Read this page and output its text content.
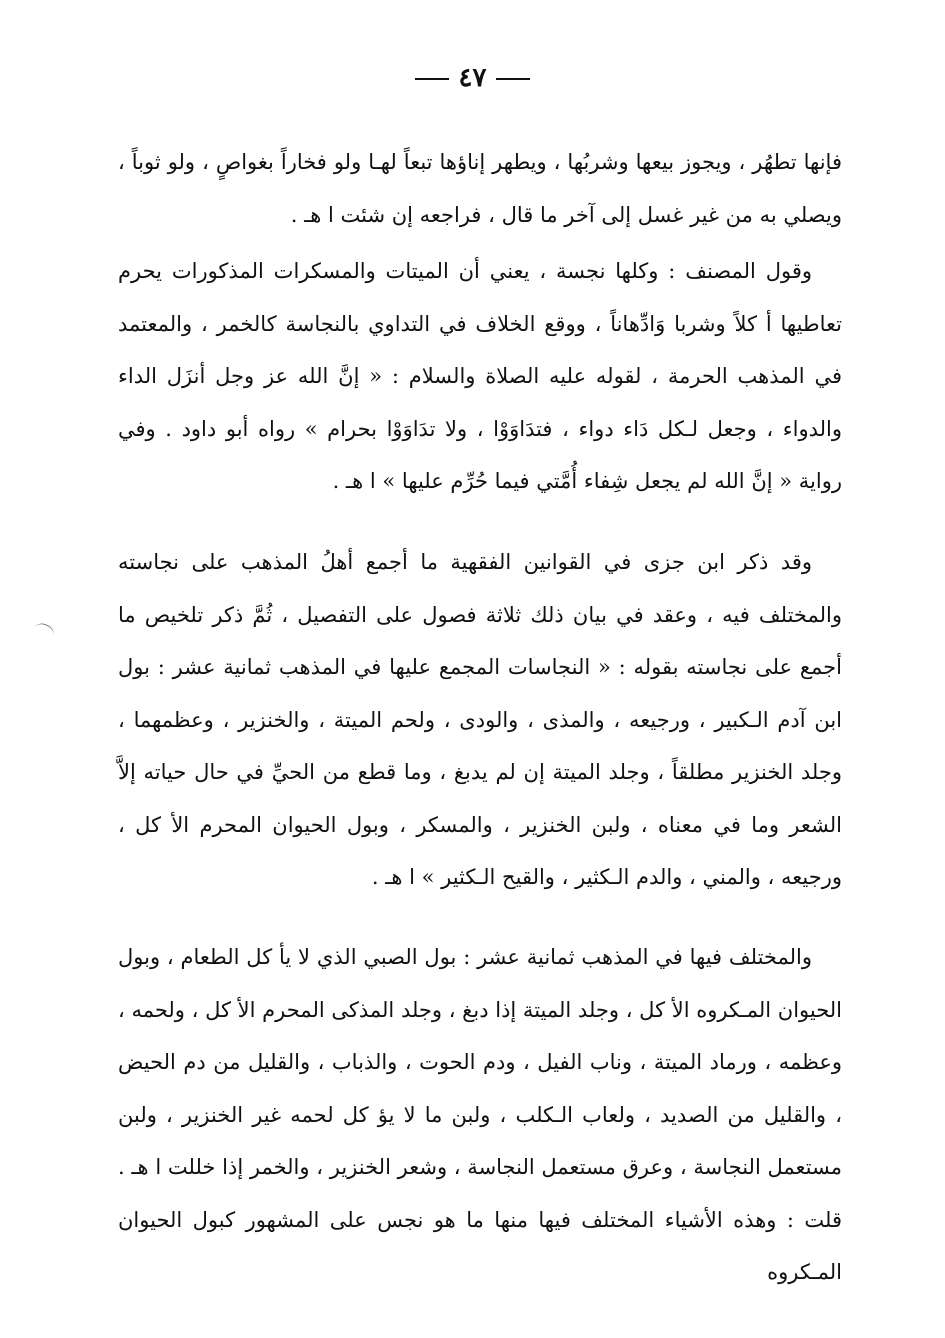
٤٧

فإنها تطهُر ، ويجوز بيعها وشربُها ، ويطهر إناؤها تبعاً لهـا ولو فخاراً بغواصٍ ، ولو ثوباً ، ويصلي به من غير غسل إلى آخر ما قال ، فراجعه إن شئت ا هـ .

وقول المصنف : وكلها نجسة ، يعني أن الميتات والمسكرات المذكورات يحرم تعاطيها أ كلاً وشربا وَادِّهاناً ، ووقع الخلاف في التداوي بالنجاسة كالخمر ، والمعتمد في المذهب الحرمة ، لقوله عليه الصلاة والسلام : « إنَّ الله عز وجل أنزَل الداء والدواء ، وجعل لـكل دَاء دواء ، فتدَاوَوْا ، ولا تدَاوَوْا بحرام » رواه أبو داود . وفي رواية « إنَّ الله لم يجعل شِفاء أُمَّتي فيما حُرِّم عليها » ا هـ .

وقد ذكر ابن جزى في القوانين الفقهية ما أجمع أهلُ المذهب على نجاسته والمختلف فيه ، وعقد في بيان ذلك ثلاثة فصول على التفصيل ، ثُمَّ ذكر تلخيص ما أجمع على نجاسته بقوله : « النجاسات المجمع عليها في المذهب ثمانية عشر : بول ابن آدم الـكبير ، ورجيعه ، والمذى ، والودى ، ولحم الميتة ، والخنزير ، وعظمهما ، وجلد الخنزير مطلقاً ، وجلد الميتة إن لم يدبغ ، وما قطع من الحيِّ في حال حياته إلاَّ الشعر وما في معناه ، ولبن الخنزير ، والمسكر ، وبول الحيوان المحرم الأ كل ، ورجيعه ، والمني ، والدم الـكثير ، والقيح الـكثير » ا هـ .

والمختلف فيها في المذهب ثمانية عشر : بول الصبي الذي لا يأ كل الطعام ، وبول الحيوان المـكروه الأ كل ، وجلد الميتة إذا دبغ ، وجلد المذكى المحرم الأ كل ، ولحمه ، وعظمه ، ورماد الميتة ، وناب الفيل ، ودم الحوت ، والذباب ، والقليل من دم الحيض ، والقليل من الصديد ، ولعاب الـكلب ، ولبن ما لا يؤ كل لحمه غير الخنزير ، ولبن مستعمل النجاسة ، وعرق مستعمل النجاسة ، وشعر الخنزير ، والخمر إذا خللت ا هـ . قلت : وهذه الأشياء المختلف فيها منها ما هو نجس على المشهور كبول الحيوان المـكروه
